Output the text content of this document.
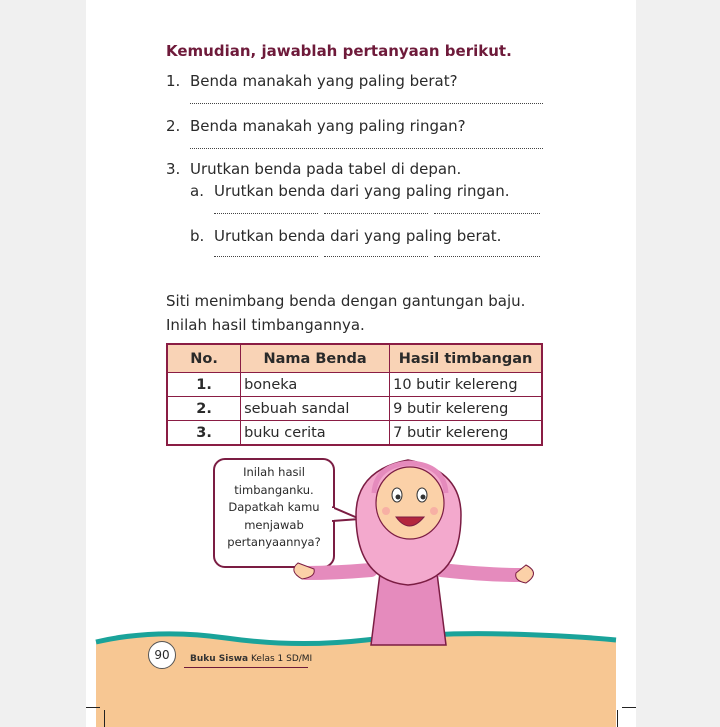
Kemudian, jawablah pertanyaan berikut.
1. Benda manakah yang paling berat?
2. Benda manakah yang paling ringan?
3. Urutkan benda pada tabel di depan.
a. Urutkan benda dari yang paling ringan.
b. Urutkan benda dari yang paling berat.
Siti menimbang benda dengan gantungan baju.
Inilah hasil timbangannya.
No.	Nama Benda	Hasil timbangan
1.	boneka	10 butir kelereng
2.	sebuah sandal	9 butir kelereng
3.	buku cerita	7 butir kelereng
Inilah hasil
timbanganku.
Dapatkah kamu
menjawab
pertanyaannya?
90	Buku Siswa Kelas 1 SD/MI
